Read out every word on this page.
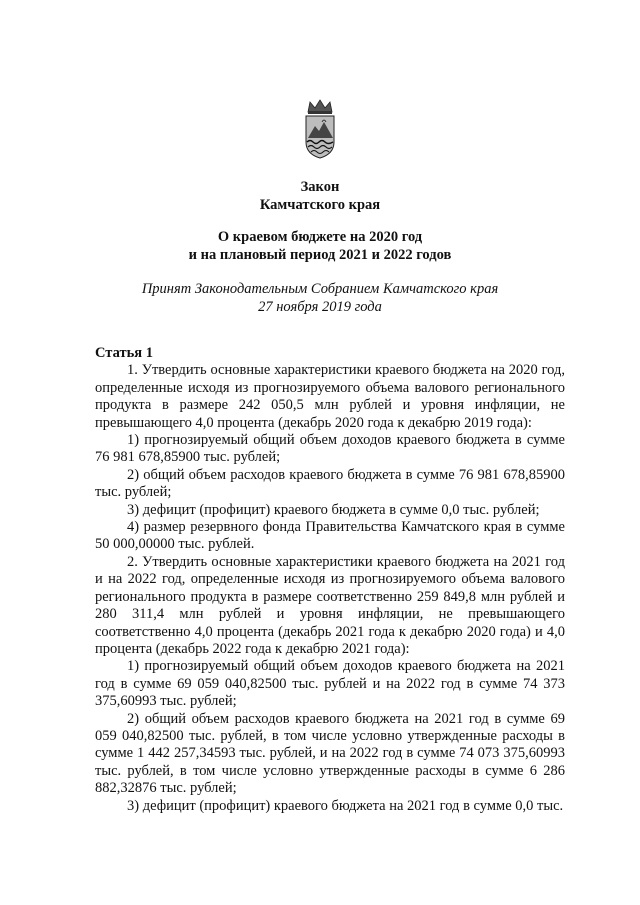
Закон
Камчатского края
О краевом бюджете на 2020 год
и на плановый период 2021 и 2022 годов
Принят Законодательным Собранием Камчатского края
27 ноября 2019 года
Статья 1

1. Утвердить основные характеристики краевого бюджета на 2020 год, определенные исходя из прогнозируемого объема валового регионального продукта в размере 242 050,5 млн рублей и уровня инфляции, не превышающего 4,0 процента (декабрь 2020 года к декабрю 2019 года):

1) прогнозируемый общий объем доходов краевого бюджета в сумме 76 981 678,85900 тыс. рублей;

2) общий объем расходов краевого бюджета в сумме 76 981 678,85900 тыс. рублей;

3) дефицит (профицит) краевого бюджета в сумме 0,0 тыс. рублей;

4) размер резервного фонда Правительства Камчатского края в сумме 50 000,00000 тыс. рублей.

2. Утвердить основные характеристики краевого бюджета на 2021 год и на 2022 год, определенные исходя из прогнозируемого объема валового регионального продукта в размере соответственно 259 849,8 млн рублей и 280 311,4 млн рублей и уровня инфляции, не превышающего соответственно 4,0 процента (декабрь 2021 года к декабрю 2020 года) и 4,0 процента (декабрь 2022 года к декабрю 2021 года):

1) прогнозируемый общий объем доходов краевого бюджета на 2021 год в сумме 69 059 040,82500 тыс. рублей и на 2022 год в сумме 74 373 375,60993 тыс. рублей;

2) общий объем расходов краевого бюджета на 2021 год в сумме 69 059 040,82500 тыс. рублей, в том числе условно утвержденные расходы в сумме 1 442 257,34593 тыс. рублей, и на 2022 год в сумме 74 073 375,60993 тыс. рублей, в том числе условно утвержденные расходы в сумме 6 286 882,32876 тыс. рублей;

3) дефицит (профицит) краевого бюджета на 2021 год в сумме 0,0 тыс.
